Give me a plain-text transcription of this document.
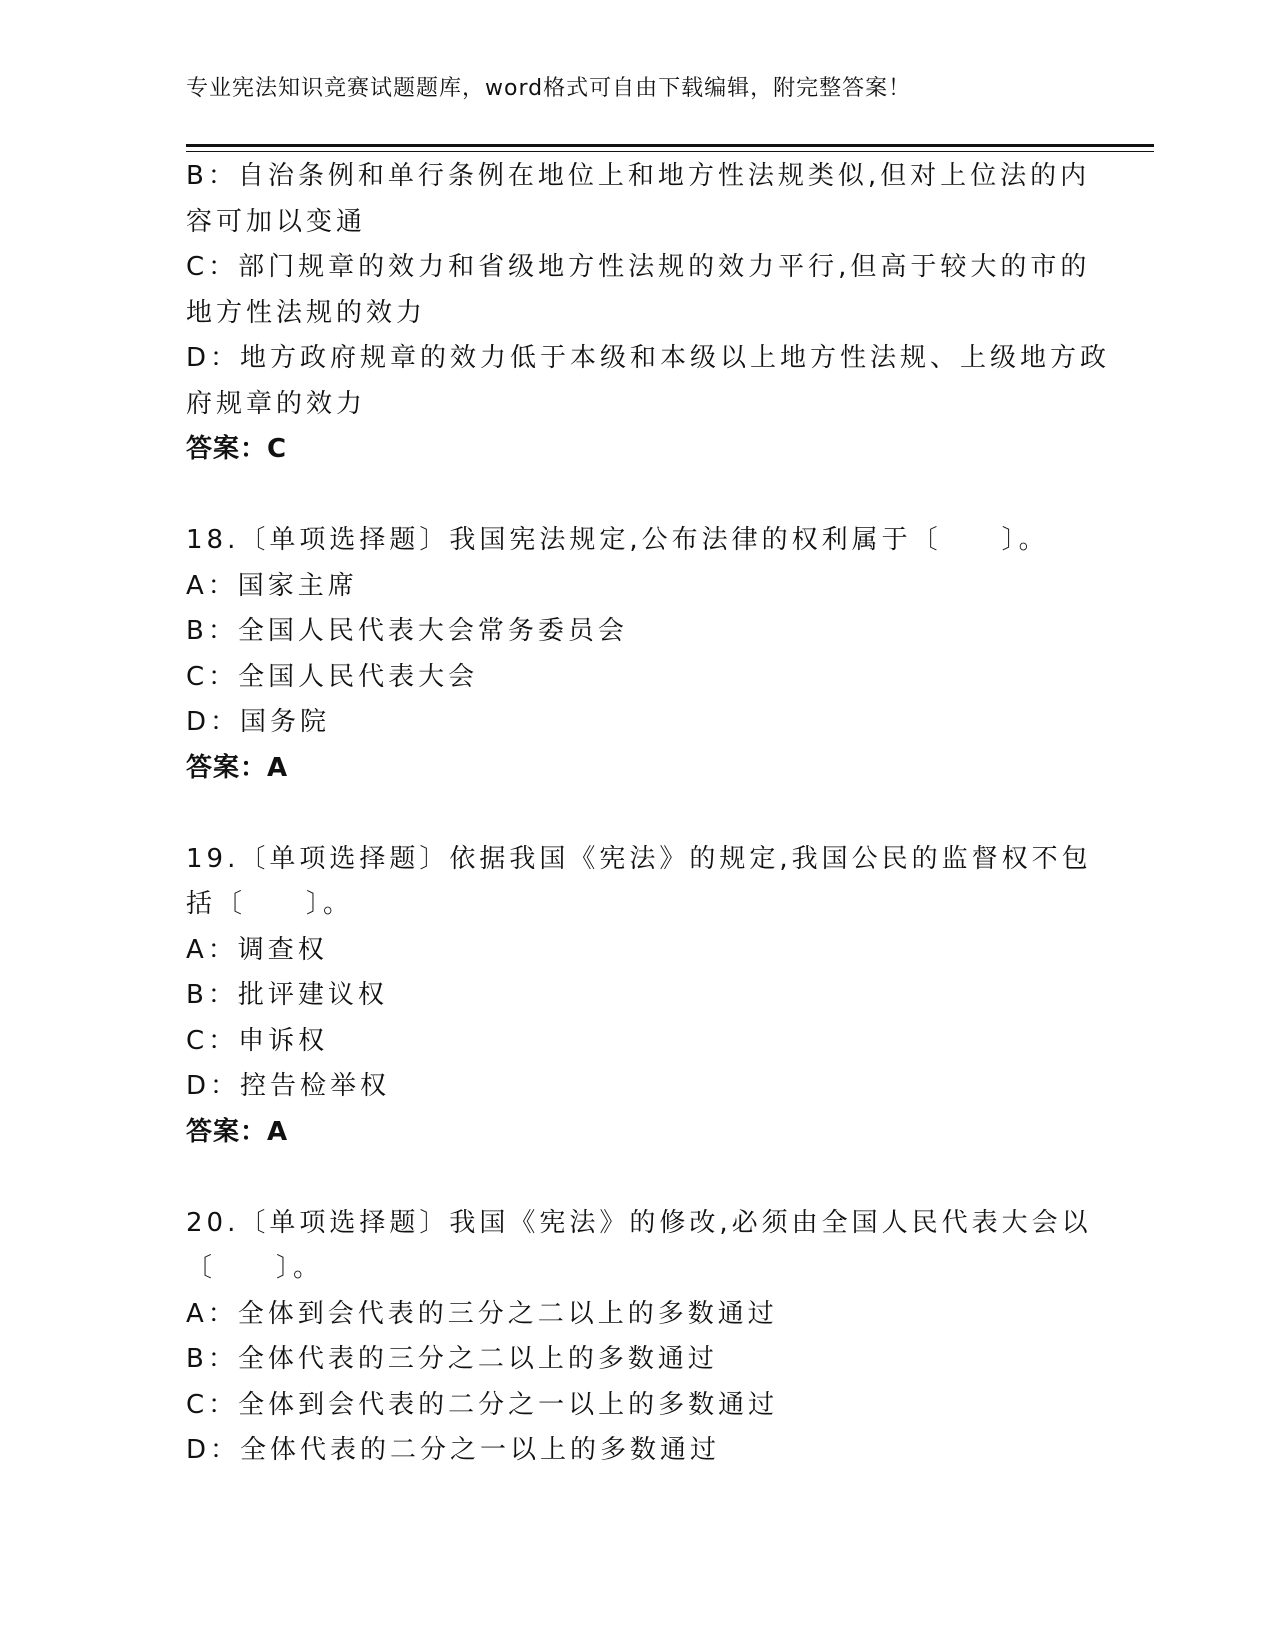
专业宪法知识竞赛试题题库，word格式可自由下载编辑，附完整答案！
B：自治条例和单行条例在地位上和地方性法规类似,但对上位法的内
容可加以变通
C：部门规章的效力和省级地方性法规的效力平行,但高于较大的市的
地方性法规的效力
D：地方政府规章的效力低于本级和本级以上地方性法规、上级地方政
府规章的效力
答案：C
18.〔单项选择题〕我国宪法规定,公布法律的权利属于〔　　〕。
A：国家主席
B：全国人民代表大会常务委员会
C：全国人民代表大会
D：国务院
答案：A
19.〔单项选择题〕依据我国《宪法》的规定,我国公民的监督权不包
括〔　　〕。
A：调查权
B：批评建议权
C：申诉权
D：控告检举权
答案：A
20.〔单项选择题〕我国《宪法》的修改,必须由全国人民代表大会以
〔　　〕。
A：全体到会代表的三分之二以上的多数通过
B：全体代表的三分之二以上的多数通过
C：全体到会代表的二分之一以上的多数通过
D：全体代表的二分之一以上的多数通过
